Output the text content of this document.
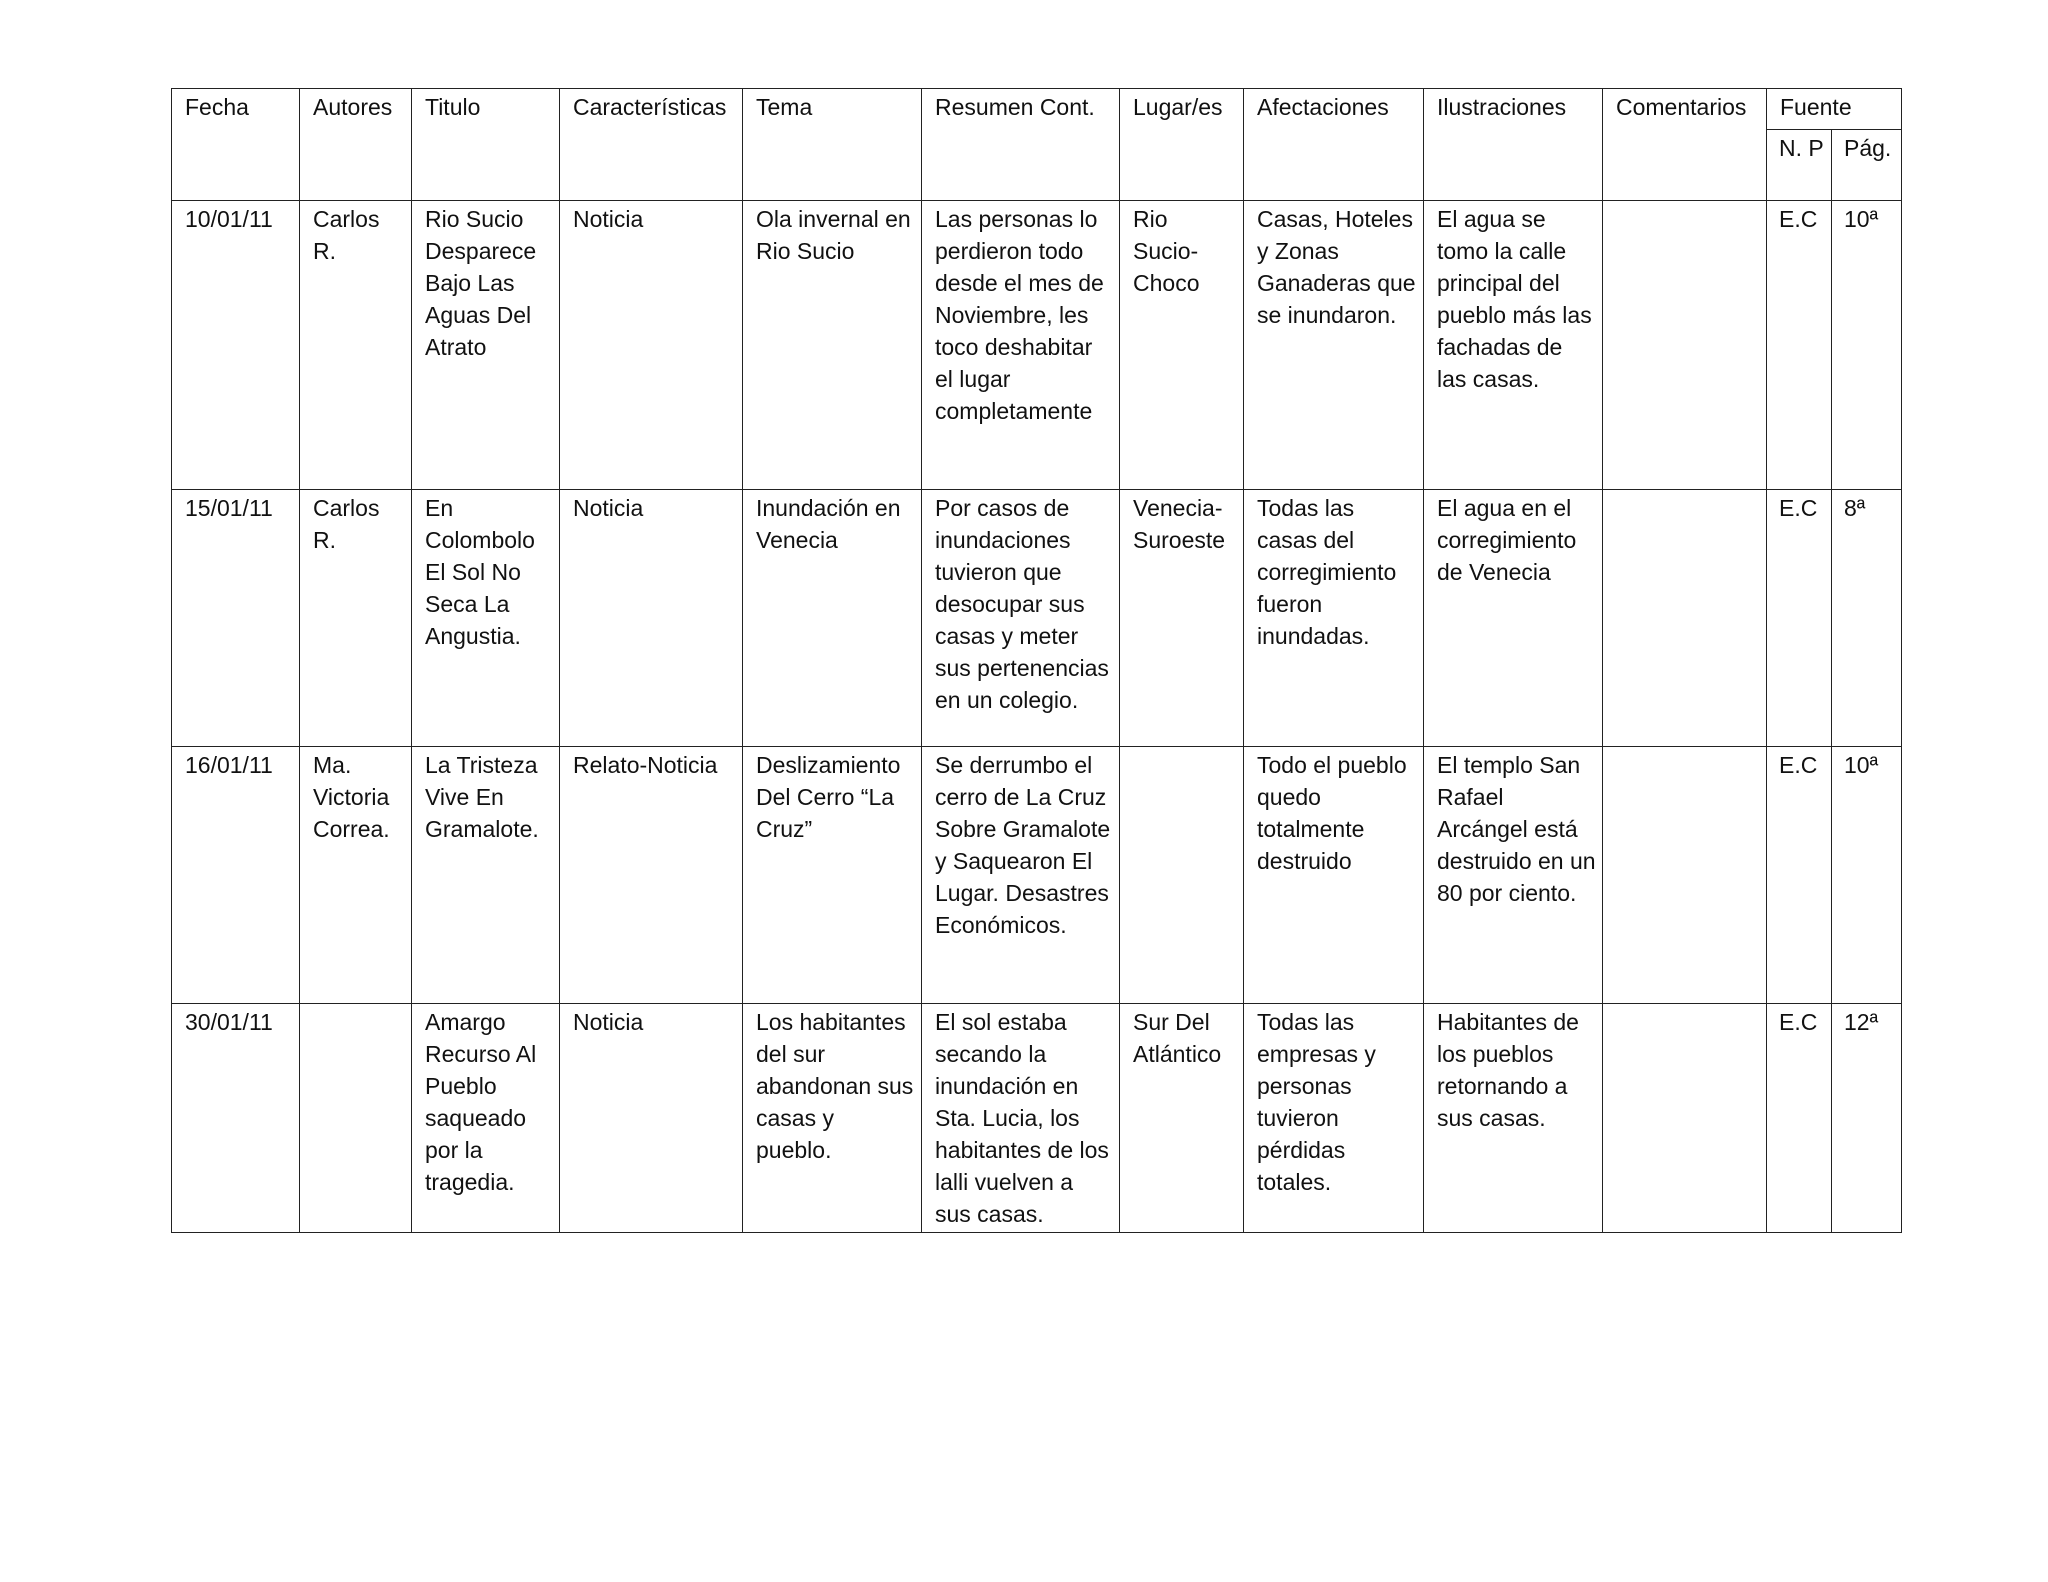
Fecha	Autores	Titulo	Características	Tema	Resumen Cont.	Lugar/es	Afectaciones	Ilustraciones	Comentarios	Fuente	
										N. P	Pág.
10/01/11	Carlos R.	Rio Sucio Desparece Bajo Las Aguas Del Atrato	Noticia	Ola invernal en Rio Sucio	Las personas lo perdieron todo desde el mes de Noviembre, les toco deshabitar el lugar completamente	Rio Sucio-Choco	Casas, Hoteles y Zonas Ganaderas que se inundaron.	El agua se tomo la calle principal del pueblo más las fachadas de las casas.		E.C	10ª
15/01/11	Carlos R.	En Colombolo El Sol No Seca La Angustia.	Noticia	Inundación en Venecia	Por casos de inundaciones tuvieron que desocupar sus casas y meter sus pertenencias en un colegio.	Venecia-Suroeste	Todas las casas del corregimiento fueron inundadas.	El agua en el corregimiento de Venecia		E.C	8ª
16/01/11	Ma. Victoria Correa.	La Tristeza Vive En Gramalote.	Relato-Noticia	Deslizamiento Del Cerro “La Cruz”	Se derrumbo el cerro de La Cruz Sobre Gramalote y Saquearon El Lugar. Desastres Económicos.		Todo el pueblo quedo totalmente destruido	El templo San Rafael Arcángel está destruido en un 80 por ciento.		E.C	10ª
30/01/11		Amargo Recurso Al Pueblo saqueado por la tragedia.	Noticia	Los habitantes del sur abandonan sus casas y pueblo.	El sol estaba secando la inundación en Sta. Lucia, los habitantes de los lalli vuelven a sus casas.	Sur Del Atlántico	Todas las empresas y personas tuvieron pérdidas totales.	Habitantes de los pueblos retornando a sus casas.		E.C	12ª
